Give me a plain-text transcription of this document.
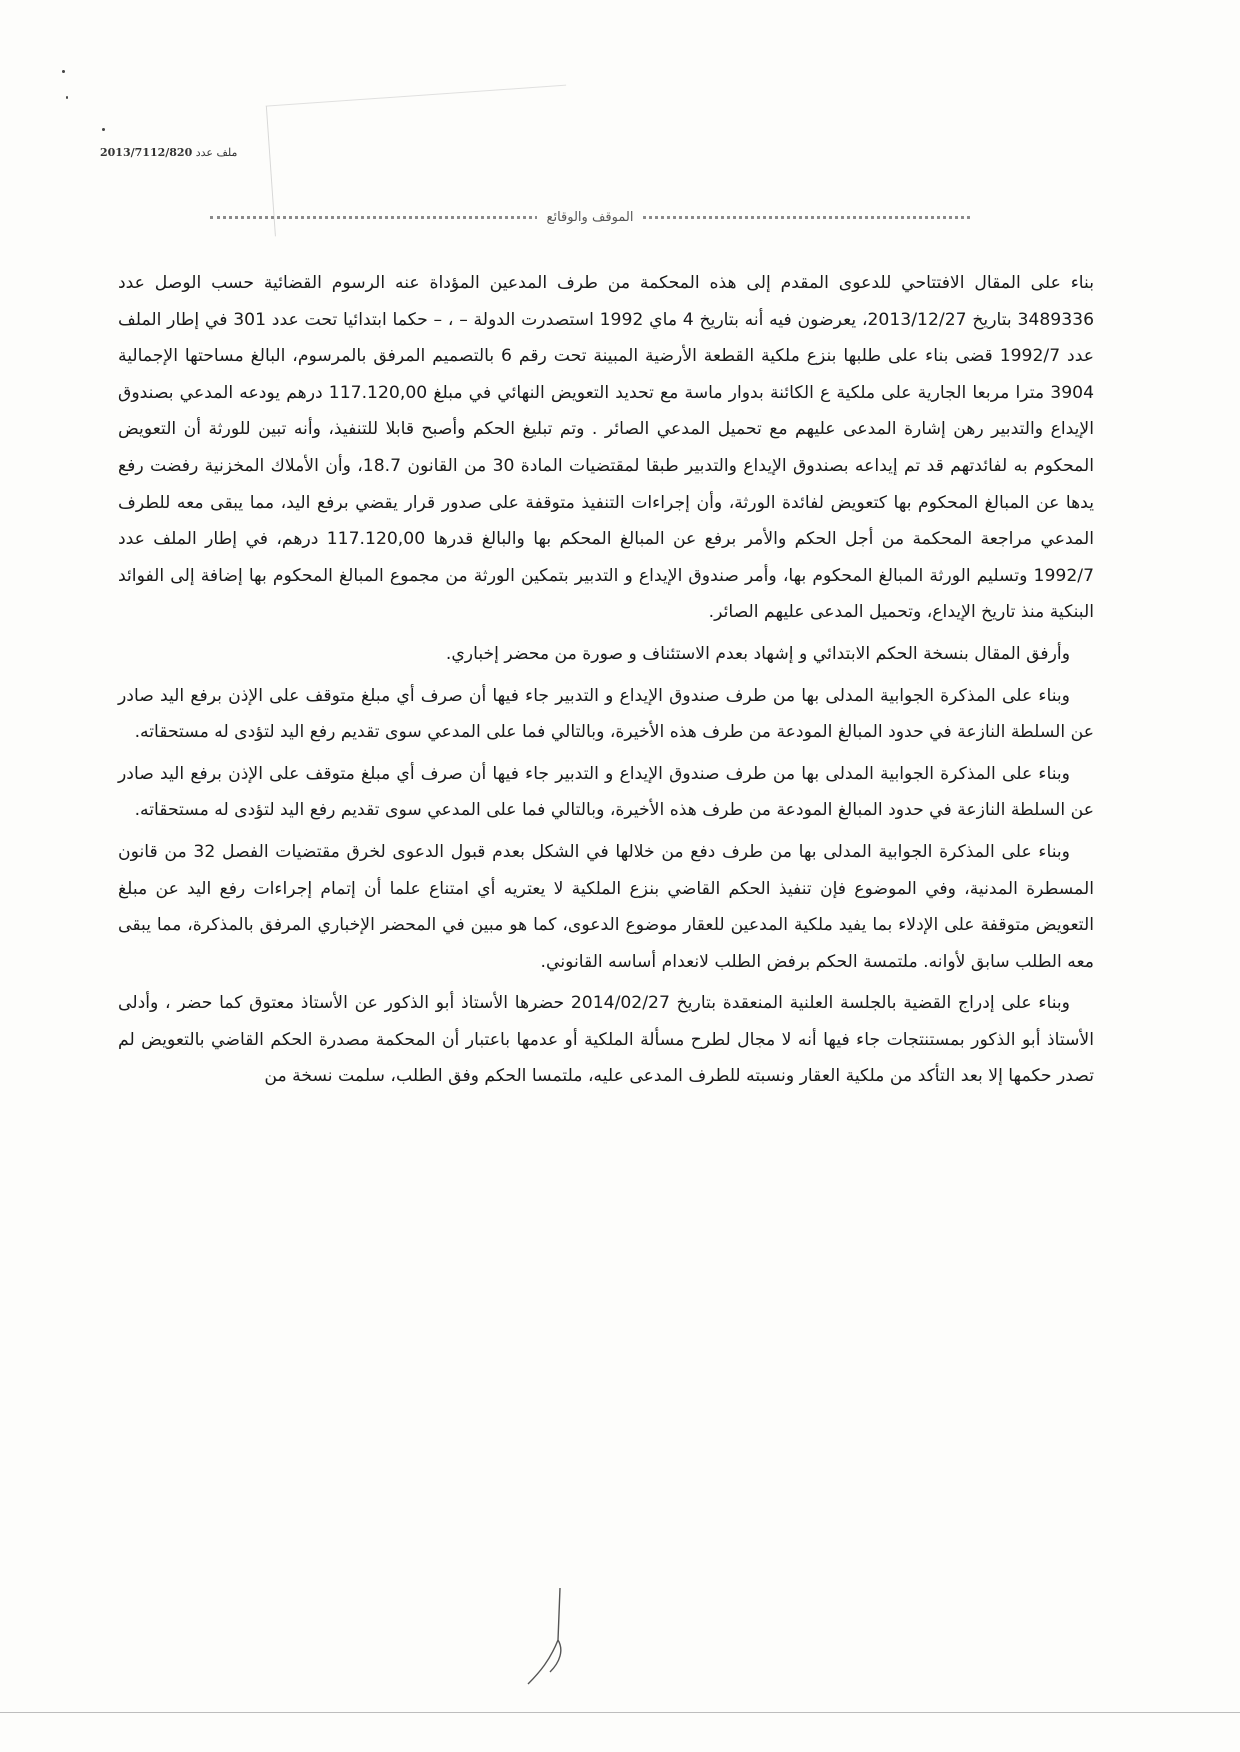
ملف عدد 2013/7112/820
الموقف والوقائع

بناء على المقال الافتتاحي للدعوى المقدم إلى هذه المحكمة من طرف المدعين المؤداة عنه الرسوم القضائية حسب الوصل عدد 3489336 بتاريخ 2013/12/27، يعرضون فيه أنه بتاريخ 4 ماي 1992 استصدرت الدولة – ، – حكما ابتدائيا تحت عدد 301 في إطار الملف عدد 1992/7 قضى بناء على طلبها بنزع ملكية القطعة الأرضية المبينة تحت رقم 6 بالتصميم المرفق بالمرسوم، البالغ مساحتها الإجمالية 3904 مترا مربعا الجارية على ملكية ع الكائنة بدوار ماسة مع تحديد التعويض النهائي في مبلغ 117.120,00 درهم يودعه المدعي بصندوق الإيداع والتدبير رهن إشارة المدعى عليهم مع تحميل المدعي الصائر . وتم تبليغ الحكم وأصبح قابلا للتنفيذ، وأنه تبين للورثة أن التعويض المحكوم به لفائدتهم قد تم إيداعه بصندوق الإيداع والتدبير طبقا لمقتضيات المادة 30 من القانون 18.7، وأن الأملاك المخزنية رفضت رفع يدها عن المبالغ المحكوم بها كتعويض لفائدة الورثة، وأن إجراءات التنفيذ متوقفة على صدور قرار يقضي برفع اليد، مما يبقى معه للطرف المدعي مراجعة المحكمة من أجل الحكم والأمر برفع عن المبالغ المحكم بها والبالغ قدرها 117.120,00 درهم، في إطار الملف عدد 1992/7 وتسليم الورثة المبالغ المحكوم بها، وأمر صندوق الإيداع و التدبير بتمكين الورثة من مجموع المبالغ المحكوم بها إضافة إلى الفوائد البنكية منذ تاريخ الإيداع، وتحميل المدعى عليهم الصائر.

وأرفق المقال بنسخة الحكم الابتدائي و إشهاد بعدم الاستئناف و صورة من محضر إخباري.

وبناء على المذكرة الجوابية المدلى بها من طرف صندوق الإيداع و التدبير جاء فيها أن صرف أي مبلغ متوقف على الإذن برفع اليد صادر عن السلطة النازعة في حدود المبالغ المودعة من طرف هذه الأخيرة، وبالتالي فما على المدعي سوى تقديم رفع اليد لتؤدى له مستحقاته.

وبناء على المذكرة الجوابية المدلى بها من طرف صندوق الإيداع و التدبير جاء فيها أن صرف أي مبلغ متوقف على الإذن برفع اليد صادر عن السلطة النازعة في حدود المبالغ المودعة من طرف هذه الأخيرة، وبالتالي فما على المدعي سوى تقديم رفع اليد لتؤدى له مستحقاته.

وبناء على المذكرة الجوابية المدلى بها من طرف دفع من خلالها في الشكل بعدم قبول الدعوى لخرق مقتضيات الفصل 32 من قانون المسطرة المدنية، وفي الموضوع فإن تنفيذ الحكم القاضي بنزع الملكية لا يعتريه أي امتناع علما أن إتمام إجراءات رفع اليد عن مبلغ التعويض متوقفة على الإدلاء بما يفيد ملكية المدعين للعقار موضوع الدعوى، كما هو مبين في المحضر الإخباري المرفق بالمذكرة، مما يبقى معه الطلب سابق لأوانه. ملتمسة الحكم برفض الطلب لانعدام أساسه القانوني.

وبناء على إدراج القضية بالجلسة العلنية المنعقدة بتاريخ 2014/02/27 حضرها الأستاذ أبو الذكور عن الأستاذ معتوق كما حضر ، وأدلى الأستاذ أبو الذكور بمستنتجات جاء فيها أنه لا مجال لطرح مسألة الملكية أو عدمها باعتبار أن المحكمة مصدرة الحكم القاضي بالتعويض لم تصدر حكمها إلا بعد التأكد من ملكية العقار ونسبته للطرف المدعى عليه، ملتمسا الحكم وفق الطلب، سلمت نسخة من
